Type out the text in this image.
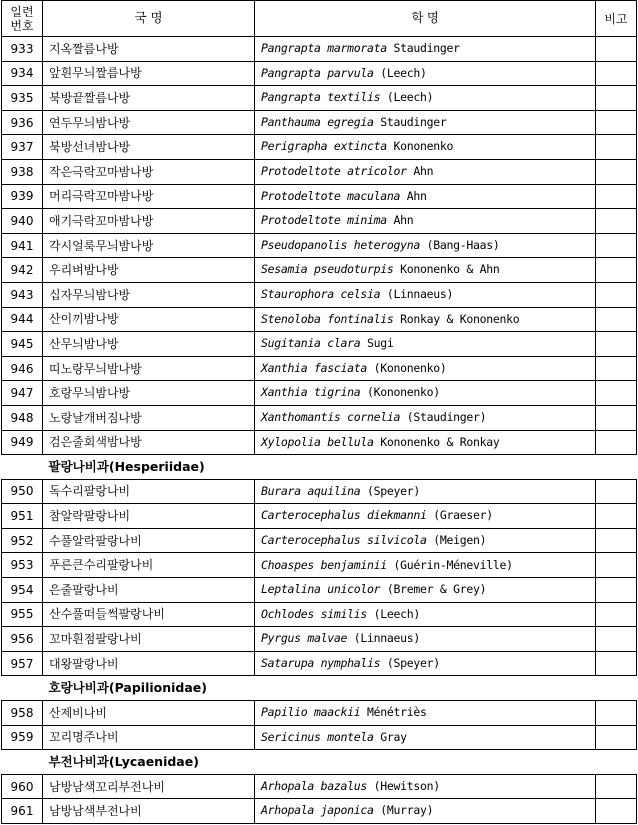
일련
번호	국 명	학 명	비고
933	지옥짤름나방	Pangrapta marmorata Staudinger	
934	앞흰무늬짤름나방	Pangrapta parvula (Leech)	
935	북방끝짤름나방	Pangrapta textilis (Leech)	
936	연두무늬밤나방	Panthauma egregia Staudinger	
937	북방선녀밤나방	Perigrapha extincta Kononenko	
938	작은극락꼬마밤나방	Protodeltote atricolor Ahn	
939	머리극락꼬마밤나방	Protodeltote maculana Ahn	
940	애기극락꼬마밤나방	Protodeltote minima Ahn	
941	각시얼룩무늬밤나방	Pseudopanolis heterogyna (Bang-Haas)	
942	우리벼밤나방	Sesamia pseudoturpis Kononenko & Ahn	
943	십자무늬밤나방	Staurophora celsia (Linnaeus)	
944	산이끼밤나방	Stenoloba fontinalis Ronkay & Kononenko	
945	산무늬밤나방	Sugitania clara Sugi	
946	띠노랑무늬밤나방	Xanthia fasciata (Kononenko)	
947	호랑무늬밤나방	Xanthia tigrina (Kononenko)	
948	노랑날개버짐나방	Xanthomantis cornelia (Staudinger)	
949	검은줄회색밤나방	Xylopolia bellula Kononenko & Ronkay	
팔랑나비과(Hesperiidae)			
950	독수리팔랑나비	Burara aquilina (Speyer)	
951	참알락팔랑나비	Carterocephalus diekmanni (Graeser)	
952	수풀알락팔랑나비	Carterocephalus silvicola (Meigen)	
953	푸른큰수리팔랑나비	Choaspes benjaminii (Guérin-Méneville)	
954	은줄팔랑나비	Leptalina unicolor (Bremer & Grey)	
955	산수풀떠들썩팔랑나비	Ochlodes similis (Leech)	
956	꼬마흰점팔랑나비	Pyrgus malvae (Linnaeus)	
957	대왕팔랑나비	Satarupa nymphalis (Speyer)	
호랑나비과(Papilionidae)			
958	산제비나비	Papilio maackii Ménétriès	
959	꼬리명주나비	Sericinus montela Gray	
부전나비과(Lycaenidae)			
960	남방남색꼬리부전나비	Arhopala bazalus (Hewitson)	
961	남방남색부전나비	Arhopala japonica (Murray)	
